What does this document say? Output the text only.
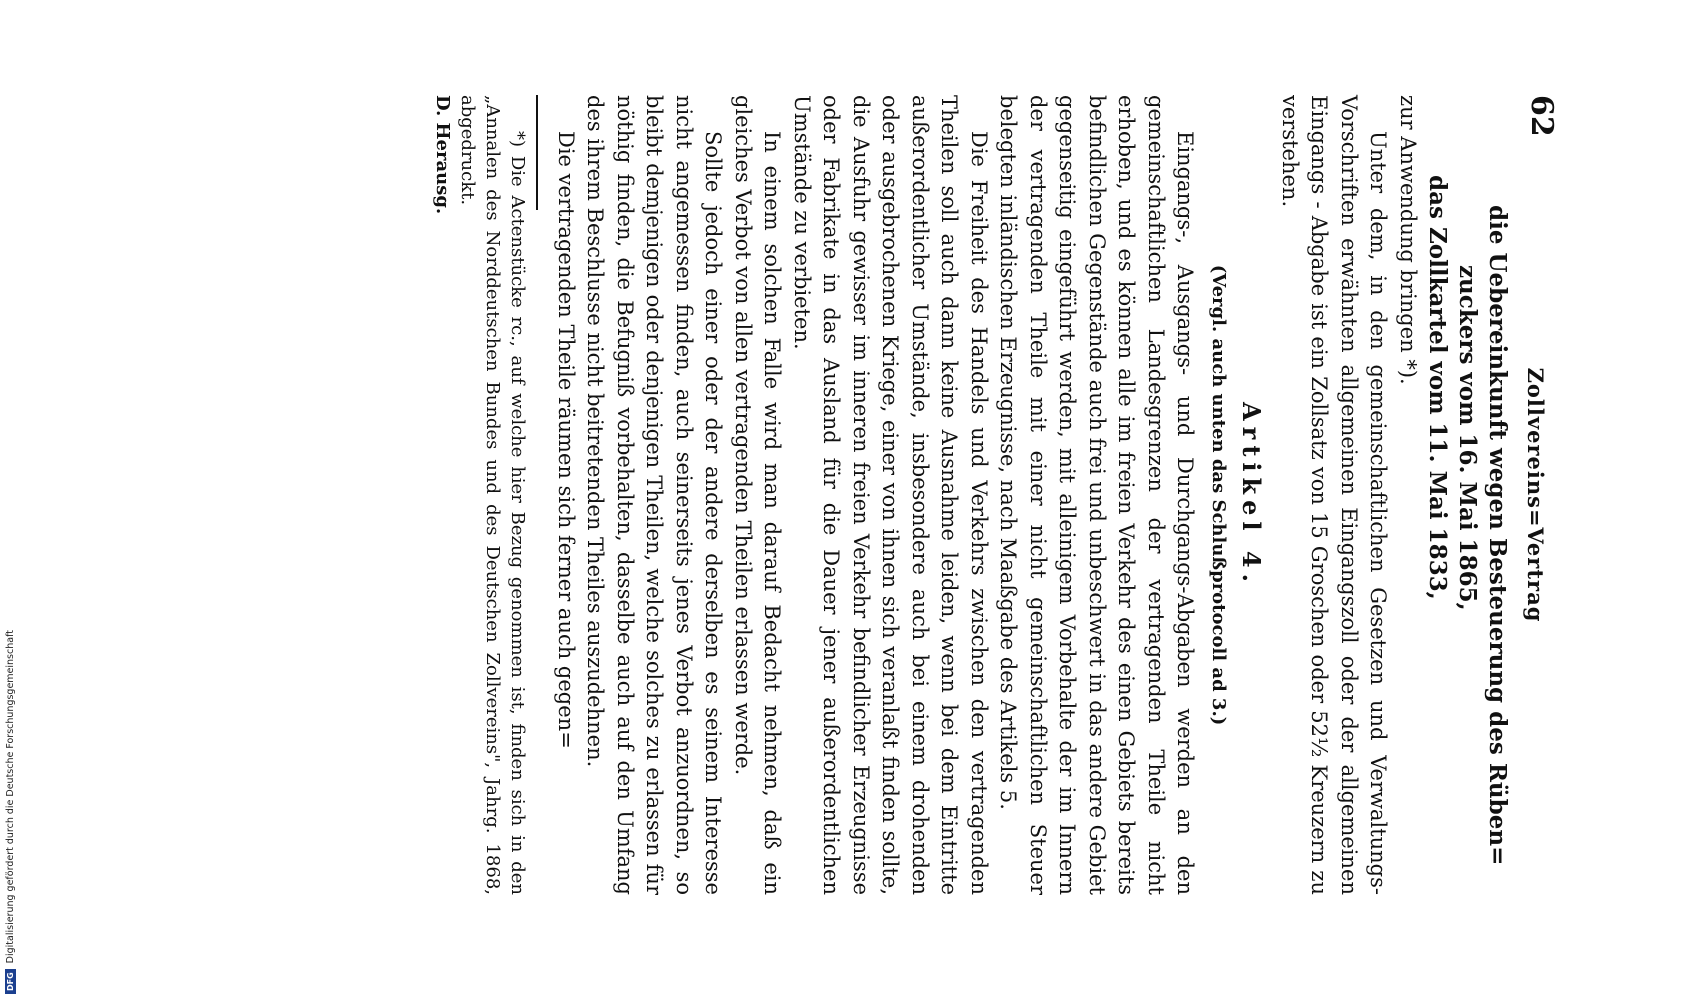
DFGDigitalisierung gefördert durch die Deutsche Forschungsgemeinschaft
62
Zollvereins=Vertrag
die Uebereinkunft wegen Besteuerung des Rüben=
zuckers vom 16. Mai 1865,
das Zollkartel vom 11. Mai 1833,

zur Anwendung bringen *).

Unter dem, in den gemeinschaftlichen Gesetzen und Verwaltungs-Vorschriften erwähnten allgemeinen Eingangszoll oder der allgemeinen Eingangs - Abgabe ist ein Zollsatz von 15 Groschen oder 52½ Kreuzern zu verstehen.

Artikel 4.
(Vergl. auch unten das Schlußprotocoll ad 3.)

Eingangs-, Ausgangs- und Durchgangs-Abgaben werden an den gemeinschaftlichen Landesgrenzen der vertragenden Theile nicht erhoben, und es können alle im freien Verkehr des einen Gebiets bereits befindlichen Gegenstände auch frei und unbeschwert in das andere Gebiet gegenseitig eingeführt werden, mit alleinigem Vorbehalte der im Innern der vertragenden Theile mit einer nicht gemeinschaftlichen Steuer belegten inländischen Erzeugnisse, nach Maaßgabe des Artikels 5.

Die Freiheit des Handels und Verkehrs zwischen den vertragenden Theilen soll auch dann keine Ausnahme leiden, wenn bei dem Eintritte außerordentlicher Umstände, insbesondere auch bei einem drohenden oder ausgebrochenen Kriege, einer von ihnen sich veranlaßt finden sollte, die Ausfuhr gewisser im inneren freien Verkehr befindlicher Erzeugnisse oder Fabrikate in das Ausland für die Dauer jener außerordentlichen Umstände zu verbieten.

In einem solchen Falle wird man darauf Bedacht nehmen, daß ein gleiches Verbot von allen vertragenden Theilen erlassen werde.

Sollte jedoch einer oder der andere derselben es seinem Interesse nicht angemessen finden, auch seinerseits jenes Verbot anzuordnen, so bleibt demjenigen oder denjenigen Theilen, welche solches zu erlassen für nöthig finden, die Befugniß vorbehalten, dasselbe auch auf den Umfang des ihrem Beschlusse nicht beitretenden Theiles auszudehnen.

Die vertragenden Theile räumen sich ferner auch gegen=

*) Die Actenstücke rc., auf welche hier Bezug genommen ist, finden sich in den „Annalen des Norddeutschen Bundes und des Deutschen Zollvereins", Jahrg. 1868, abgedruckt.

D. Herausg.
